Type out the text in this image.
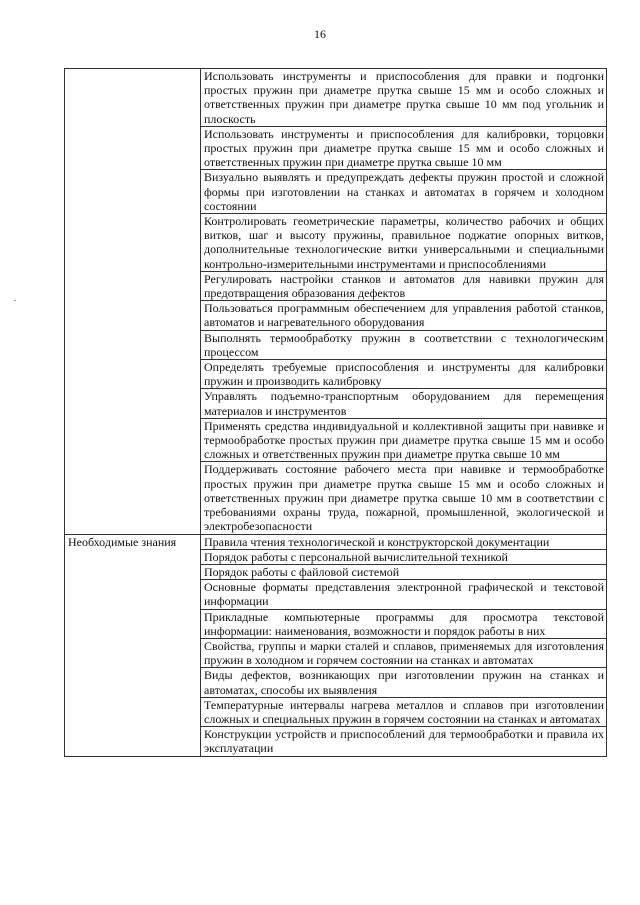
16
	Использовать инструменты и приспособления для правки и подгонки простых пружин при диаметре прутка свыше 15 мм и особо сложных и ответственных пружин при диаметре прутка свыше 10 мм под угольник и плоскость
	Использовать инструменты и приспособления для калибровки, торцовки простых пружин при диаметре прутка свыше 15 мм и особо сложных и ответственных пружин при диаметре прутка свыше 10 мм
	Визуально выявлять и предупреждать дефекты пружин простой и сложной формы при изготовлении на станках и автоматах в горячем и холодном состоянии
	Контролировать геометрические параметры, количество рабочих и общих витков, шаг и высоту пружины, правильное поджатие опорных витков, дополнительные технологические витки универсальными и специальными контрольно-измерительными инструментами и приспособлениями
	Регулировать настройки станков и автоматов для навивки пружин для предотвращения образования дефектов
	Пользоваться программным обеспечением для управления работой станков, автоматов и нагревательного оборудования
	Выполнять термообработку пружин в соответствии с технологическим процессом
	Определять требуемые приспособления и инструменты для калибровки пружин и производить калибровку
	Управлять подъемно-транспортным оборудованием для перемещения материалов и инструментов
	Применять средства индивидуальной и коллективной защиты при навивке и термообработке простых пружин при диаметре прутка свыше 15 мм и особо сложных и ответственных пружин при диаметре прутка свыше 10 мм
	Поддерживать состояние рабочего места при навивке и термообработке простых пружин при диаметре прутка свыше 15 мм и особо сложных и ответственных пружин при диаметре прутка свыше 10 мм в соответствии с требованиями охраны труда, пожарной, промышленной, экологической и электробезопасности
Необходимые знания	Правила чтения технологической и конструкторской документации
	Порядок работы с персональной вычислительной техникой
	Порядок работы с файловой системой
	Основные форматы представления электронной графической и текстовой информации
	Прикладные компьютерные программы для просмотра текстовой информации: наименования, возможности и порядок работы в них
	Свойства, группы и марки сталей и сплавов, применяемых для изготовления пружин в холодном и горячем состоянии на станках и автоматах
	Виды дефектов, возникающих при изготовлении пружин на станках и автоматах, способы их выявления
	Температурные интервалы нагрева металлов и сплавов при изготовлении сложных и специальных пружин в горячем состоянии на станках и автоматах
	Конструкции устройств и приспособлений для термообработки и правила их эксплуатации
